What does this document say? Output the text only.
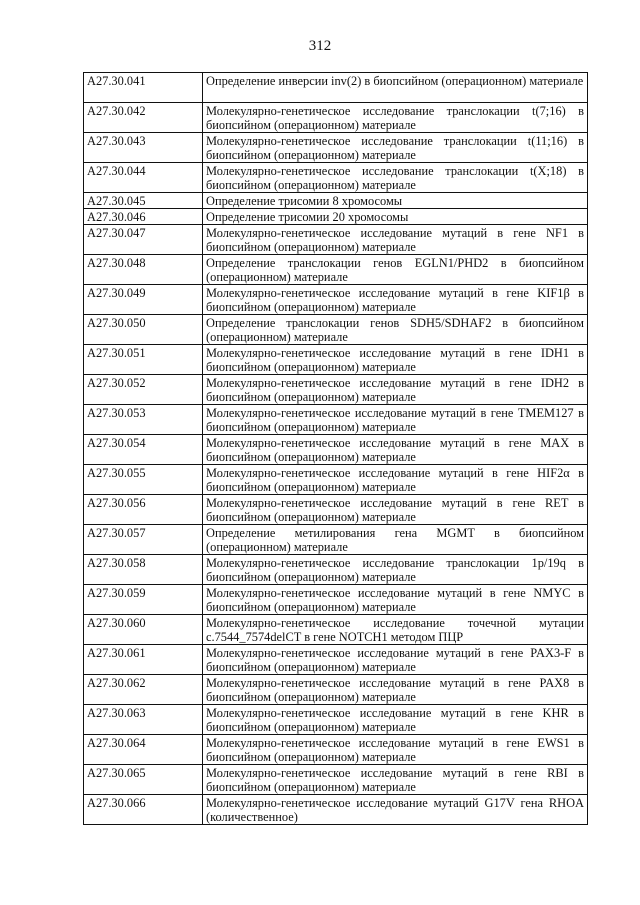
312
A27.30.041	Определение инверсии inv(2) в биопсийном (операционном) материале
A27.30.042	Молекулярно-генетическое исследование транслокации t(7;16) в биопсийном (операционном) материале
A27.30.043	Молекулярно-генетическое исследование транслокации t(11;16) в биопсийном (операционном) материале
A27.30.044	Молекулярно-генетическое исследование транслокации t(X;18) в биопсийном (операционном) материале
A27.30.045	Определение трисомии 8 хромосомы
A27.30.046	Определение трисомии 20 хромосомы
A27.30.047	Молекулярно-генетическое исследование мутаций в гене NF1 в биопсийном (операционном) материале
A27.30.048	Определение транслокации генов EGLN1/PHD2 в биопсийном (операционном) материале
A27.30.049	Молекулярно-генетическое исследование мутаций в гене KIF1β в биопсийном (операционном) материале
A27.30.050	Определение транслокации генов SDH5/SDHAF2 в биопсийном (операционном) материале
A27.30.051	Молекулярно-генетическое исследование мутаций в гене IDH1 в биопсийном (операционном) материале
A27.30.052	Молекулярно-генетическое исследование мутаций в гене IDH2 в биопсийном (операционном) материале
A27.30.053	Молекулярно-генетическое исследование мутаций в гене TMEM127 в биопсийном (операционном) материале
A27.30.054	Молекулярно-генетическое исследование мутаций в гене MAX в биопсийном (операционном) материале
A27.30.055	Молекулярно-генетическое исследование мутаций в гене HIF2α в биопсийном (операционном) материале
A27.30.056	Молекулярно-генетическое исследование мутаций в гене RET в биопсийном (операционном) материале
A27.30.057	Определение метилирования гена MGMT в биопсийном (операционном) материале
A27.30.058	Молекулярно-генетическое исследование транслокации 1p/19q в биопсийном (операционном) материале
A27.30.059	Молекулярно-генетическое исследование мутаций в гене NMYC в биопсийном (операционном) материале
A27.30.060	Молекулярно-генетическое исследование точечной мутации c.7544_7574delCT в гене NOTCH1 методом ПЦР
A27.30.061	Молекулярно-генетическое исследование мутаций в гене PAX3-F в биопсийном (операционном) материале
A27.30.062	Молекулярно-генетическое исследование мутаций в гене PAX8 в биопсийном (операционном) материале
A27.30.063	Молекулярно-генетическое исследование мутаций в гене KHR в биопсийном (операционном) материале
A27.30.064	Молекулярно-генетическое исследование мутаций в гене EWS1 в биопсийном (операционном) материале
A27.30.065	Молекулярно-генетическое исследование мутаций в гене RBI в биопсийном (операционном) материале
A27.30.066	Молекулярно-генетическое исследование мутаций G17V гена RHOA (количественное)
